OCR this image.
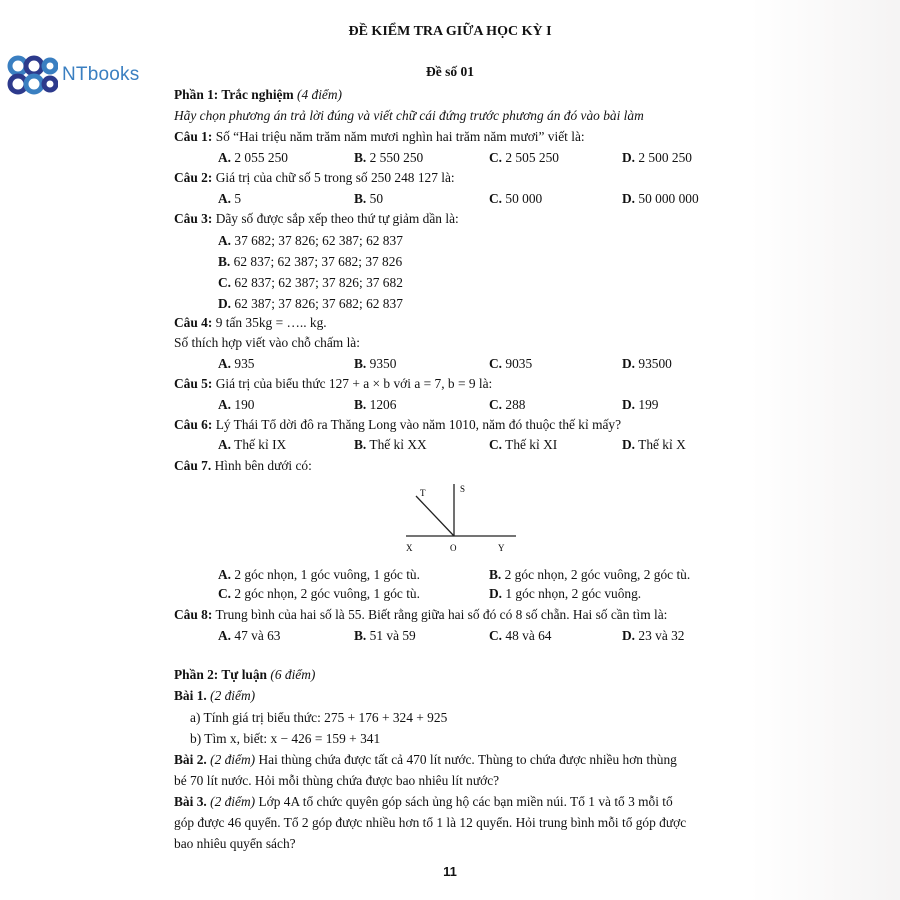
NTbooks
ĐỀ KIỂM TRA GIỮA HỌC KỲ I
Đề số 01
Phần 1: Trắc nghiệm (4 điểm)
Hãy chọn phương án trả lời đúng và viết chữ cái đứng trước phương án đó vào bài làm
Câu 1: Số “Hai triệu năm trăm năm mươi nghìn hai trăm năm mươi” viết là:
A. 2 055 250	B. 2 550 250	C. 2 505 250	D. 2 500 250
Câu 2: Giá trị của chữ số 5 trong số 250 248 127 là:
A. 5	B. 50	C. 50 000	D. 50 000 000
Câu 3: Dãy số được sắp xếp theo thứ tự giảm dần là:
A. 37 682; 37 826; 62 387; 62 837
B. 62 837; 62 387; 37 682; 37 826
C. 62 837; 62 387; 37 826; 37 682
D. 62 387; 37 826; 37 682; 62 837
Câu 4: 9 tấn 35kg = ….. kg.
Số thích hợp viết vào chỗ chấm là:
A. 935	B. 9350	C. 9035	D. 93500
Câu 5: Giá trị của biểu thức 127 + a × b với a = 7, b = 9 là:
A. 190	B. 1206	C. 288	D. 199
Câu 6: Lý Thái Tổ dời đô ra Thăng Long vào năm 1010, năm đó thuộc thế kỉ mấy?
A. Thế kỉ IX	B. Thế kỉ XX	C. Thế kỉ XI	D. Thế kỉ X
Câu 7. Hình bên dưới có:
T	S
X	O	Y
A. 2 góc nhọn, 1 góc vuông, 1 góc tù.	B. 2 góc nhọn, 2 góc vuông, 2 góc tù.
C. 2 góc nhọn, 2 góc vuông, 1 góc tù.	D. 1 góc nhọn, 2 góc vuông.
Câu 8: Trung bình của hai số là 55. Biết rằng giữa hai số đó có 8 số chẵn. Hai số cần tìm là:
A. 47 và 63	B. 51 và 59	C. 48 và 64	D. 23 và 32
Phần 2: Tự luận (6 điểm)
Bài 1. (2 điểm)
a) Tính giá trị biểu thức: 275 + 176 + 324 + 925
b) Tìm x, biết: x − 426 = 159 + 341
Bài 2. (2 điểm) Hai thùng chứa được tất cả 470 lít nước. Thùng to chứa được nhiều hơn thùng
bé 70 lít nước. Hỏi mỗi thùng chứa được bao nhiêu lít nước?
Bài 3. (2 điểm) Lớp 4A tổ chức quyên góp sách ủng hộ các bạn miền núi. Tổ 1 và tổ 3 mỗi tổ
góp được 46 quyển. Tổ 2 góp được nhiều hơn tổ 1 là 12 quyển. Hỏi trung bình mỗi tổ góp được
bao nhiêu quyển sách?
11
